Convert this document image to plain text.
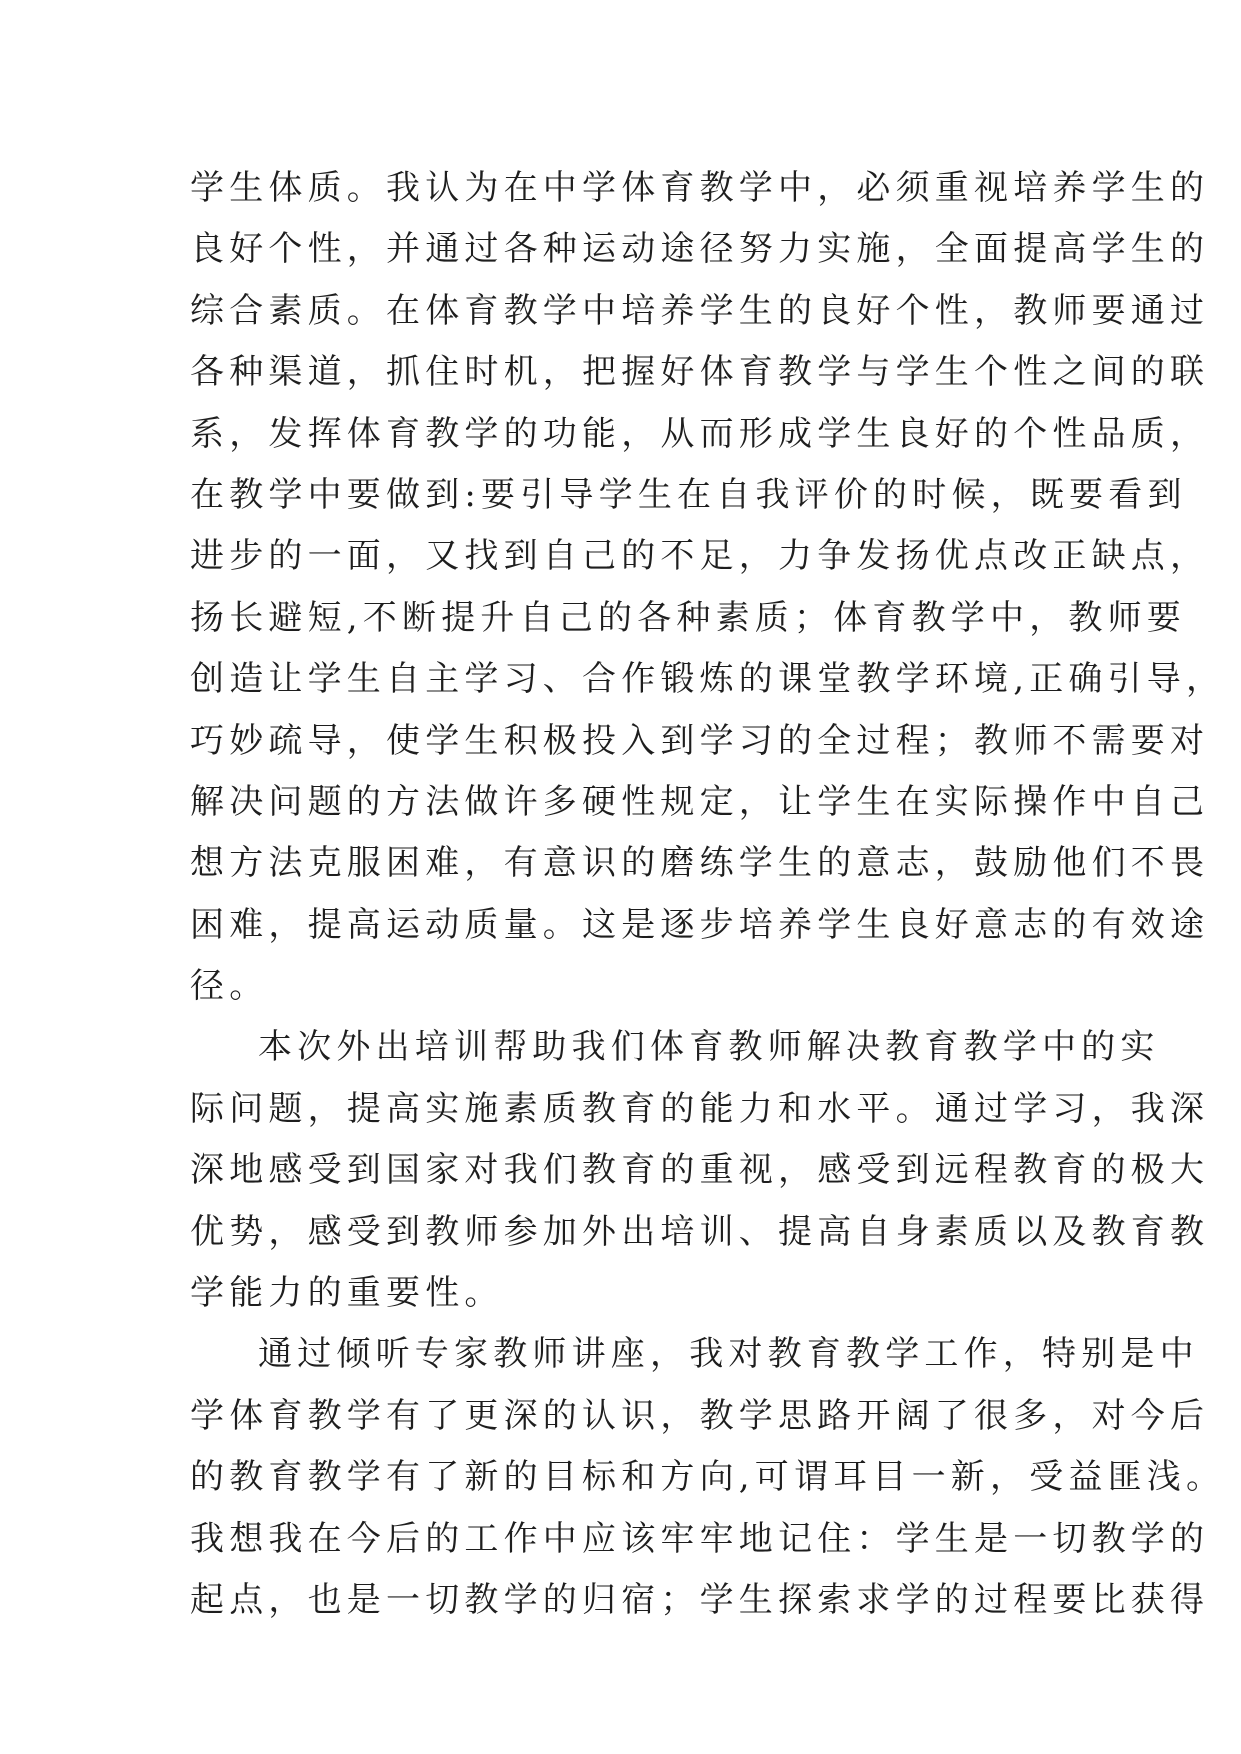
学生体质。我认为在中学体育教学中，必须重视培养学生的
良好个性，并通过各种运动途径努力实施，全面提高学生的
综合素质。在体育教学中培养学生的良好个性，教师要通过
各种渠道，抓住时机，把握好体育教学与学生个性之间的联
系，发挥体育教学的功能，从而形成学生良好的个性品质，
在教学中要做到:要引导学生在自我评价的时候，既要看到
进步的一面，又找到自己的不足，力争发扬优点改正缺点，
扬长避短,不断提升自己的各种素质；体育教学中，教师要
创造让学生自主学习、合作锻炼的课堂教学环境,正确引导，
巧妙疏导，使学生积极投入到学习的全过程；教师不需要对
解决问题的方法做许多硬性规定，让学生在实际操作中自己
想方法克服困难，有意识的磨练学生的意志，鼓励他们不畏
困难，提高运动质量。这是逐步培养学生良好意志的有效途
径。
本次外出培训帮助我们体育教师解决教育教学中的实
际问题，提高实施素质教育的能力和水平。通过学习，我深
深地感受到国家对我们教育的重视，感受到远程教育的极大
优势，感受到教师参加外出培训、提高自身素质以及教育教
学能力的重要性。
通过倾听专家教师讲座，我对教育教学工作，特别是中
学体育教学有了更深的认识，教学思路开阔了很多，对今后
的教育教学有了新的目标和方向,可谓耳目一新，受益匪浅。
我想我在今后的工作中应该牢牢地记住：学生是一切教学的
起点，也是一切教学的归宿；学生探索求学的过程要比获得
